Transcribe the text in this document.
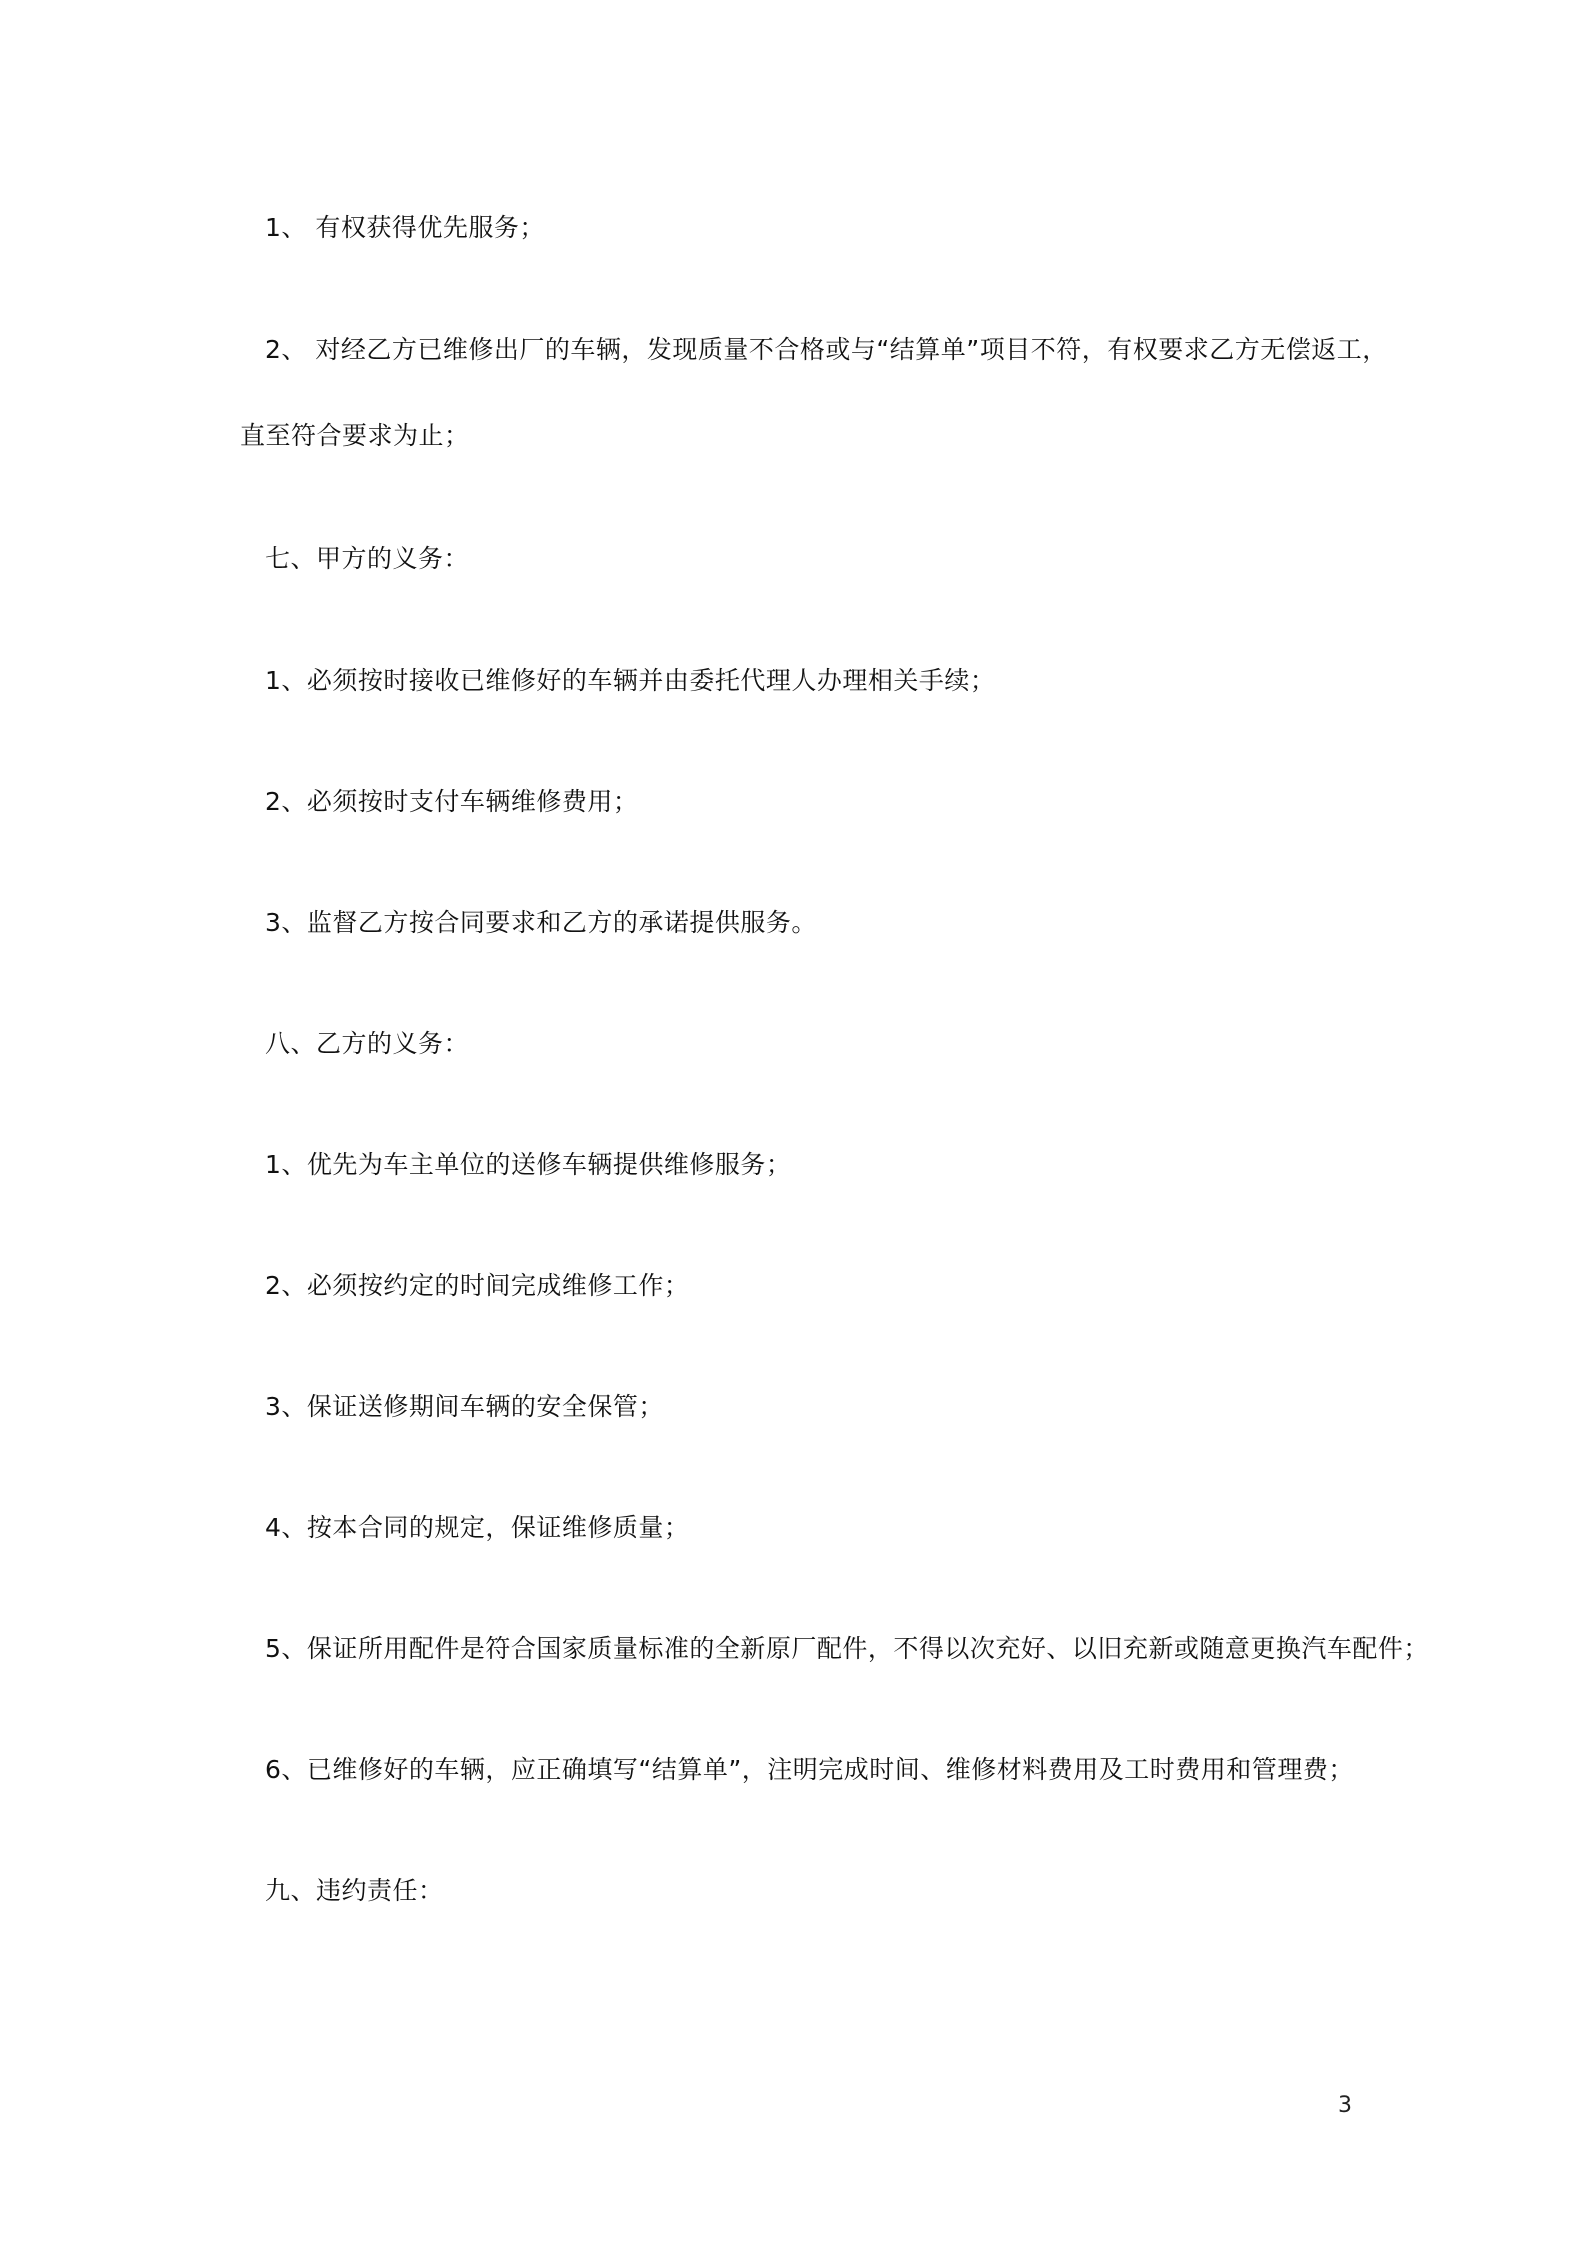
1、 有权获得优先服务；
2、 对经乙方已维修出厂的车辆，发现质量不合格或与“结算单”项目不符，有权要求乙方无偿返工，
直至符合要求为止；
七、甲方的义务：
1、必须按时接收已维修好的车辆并由委托代理人办理相关手续；
2、必须按时支付车辆维修费用；
3、监督乙方按合同要求和乙方的承诺提供服务。
八、乙方的义务：
1、优先为车主单位的送修车辆提供维修服务；
2、必须按约定的时间完成维修工作；
3、保证送修期间车辆的安全保管；
4、按本合同的规定，保证维修质量；
5、保证所用配件是符合国家质量标准的全新原厂配件，不得以次充好、以旧充新或随意更换汽车配件；
6、已维修好的车辆，应正确填写“结算单”，注明完成时间、维修材料费用及工时费用和管理费；
九、违约责任：
3
